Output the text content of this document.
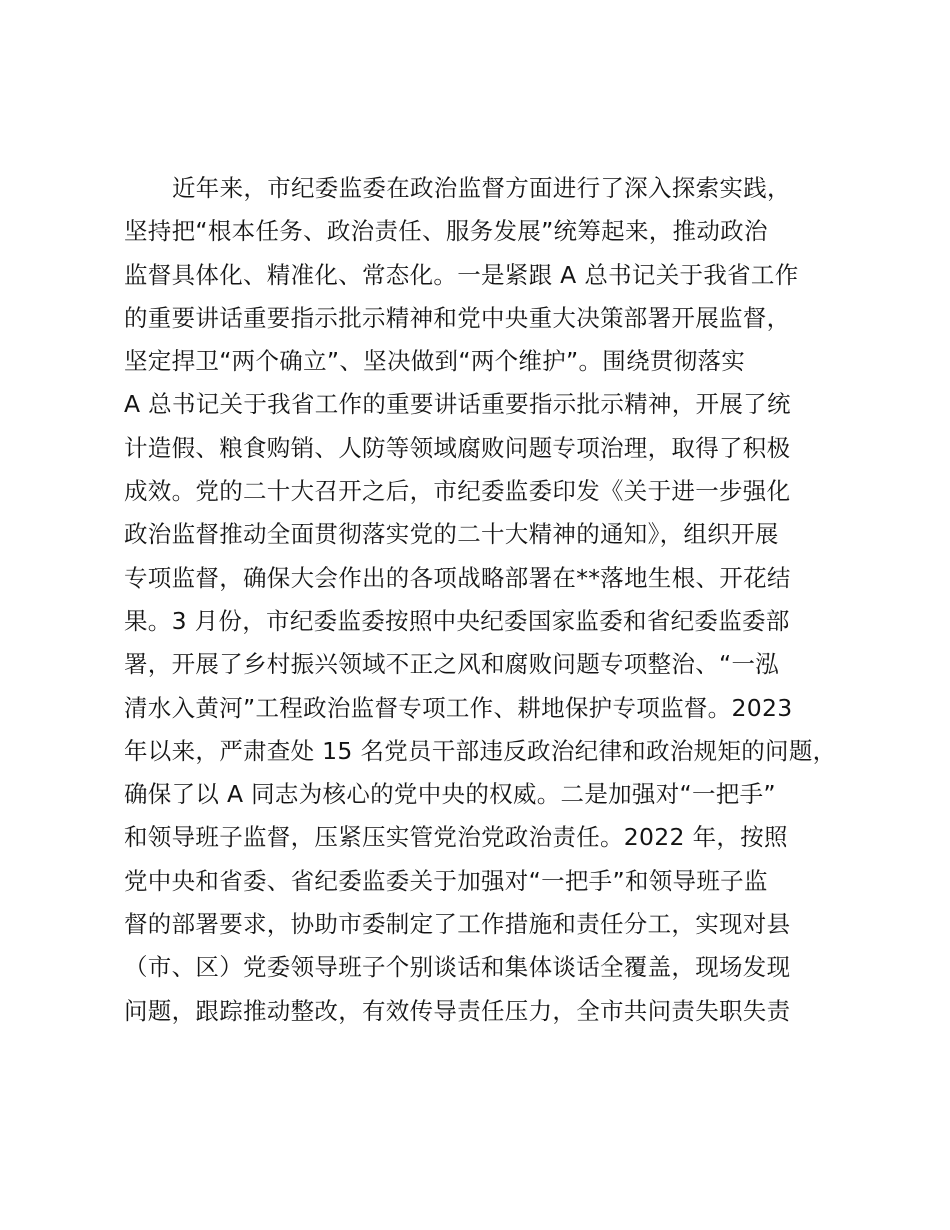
近年来，市纪委监委在政治监督方面进行了深入探索实践，
坚持把“根本任务、政治责任、服务发展”统筹起来，推动政治
监督具体化、精准化、常态化。一是紧跟 A 总书记关于我省工作
的重要讲话重要指示批示精神和党中央重大决策部署开展监督，
坚定捍卫“两个确立”、坚决做到“两个维护”。围绕贯彻落实
A 总书记关于我省工作的重要讲话重要指示批示精神，开展了统
计造假、粮食购销、人防等领域腐败问题专项治理，取得了积极
成效。党的二十大召开之后，市纪委监委印发《关于进一步强化
政治监督推动全面贯彻落实党的二十大精神的通知》，组织开展
专项监督，确保大会作出的各项战略部署在**落地生根、开花结
果。3 月份，市纪委监委按照中央纪委国家监委和省纪委监委部
署，开展了乡村振兴领域不正之风和腐败问题专项整治、“一泓
清水入黄河”工程政治监督专项工作、耕地保护专项监督。2023
年以来，严肃查处 15 名党员干部违反政治纪律和政治规矩的问题，
确保了以 A 同志为核心的党中央的权威。二是加强对“一把手”
和领导班子监督，压紧压实管党治党政治责任。2022 年，按照
党中央和省委、省纪委监委关于加强对“一把手”和领导班子监
督的部署要求，协助市委制定了工作措施和责任分工，实现对县
（市、区）党委领导班子个别谈话和集体谈话全覆盖，现场发现
问题，跟踪推动整改，有效传导责任压力，全市共问责失职失责
